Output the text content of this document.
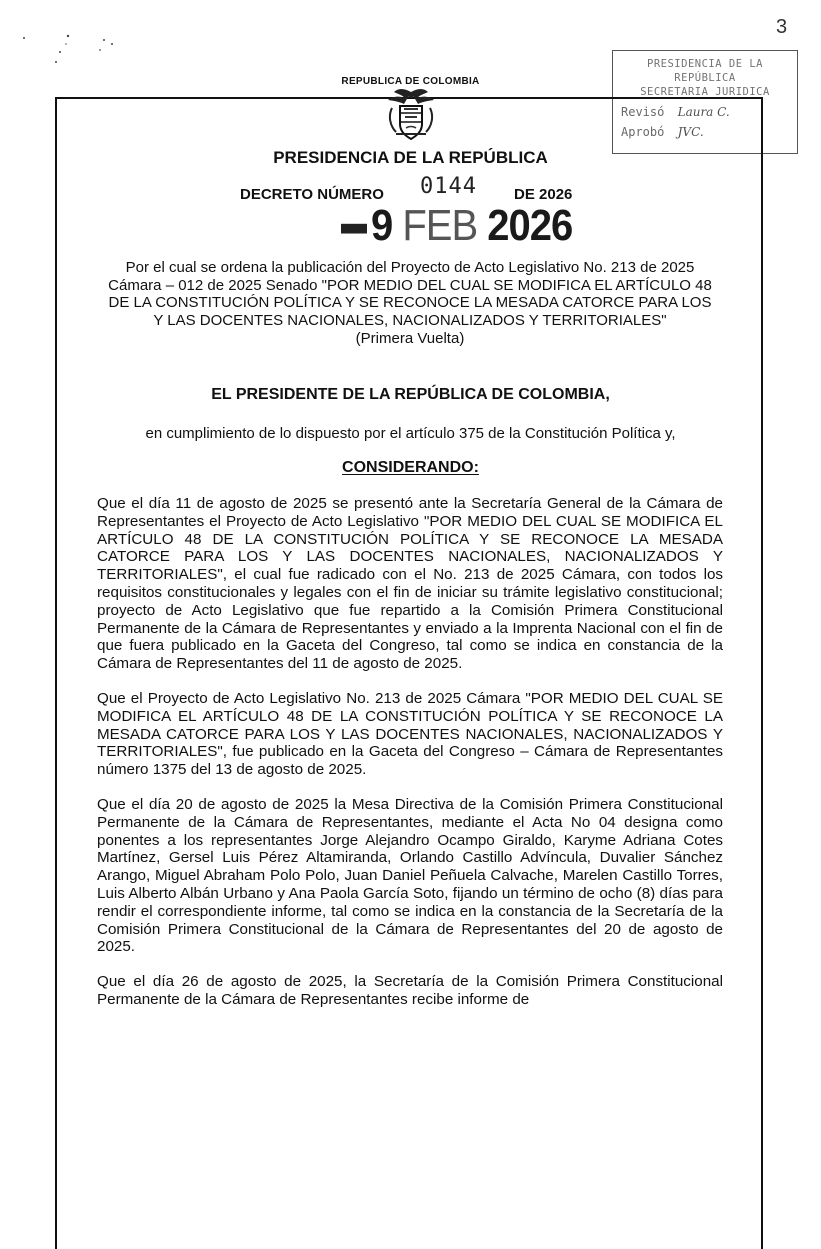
3
PRESIDENCIA DE LA REPÚBLICA
SECRETARIA JURIDICA
Revisó Laura C.
Aprobó JVC.
REPUBLICA DE COLOMBIA
PRESIDENCIA DE LA REPÚBLICA
DECRETO NÚMERO 0144 DE 2026
9 FEB 2026
Por el cual se ordena la publicación del Proyecto de Acto Legislativo No. 213 de 2025 Cámara – 012 de 2025 Senado "POR MEDIO DEL CUAL SE MODIFICA EL ARTÍCULO 48 DE LA CONSTITUCIÓN POLÍTICA Y SE RECONOCE LA MESADA CATORCE PARA LOS Y LAS DOCENTES NACIONALES, NACIONALIZADOS Y TERRITORIALES"
(Primera Vuelta)
EL PRESIDENTE DE LA REPÚBLICA DE COLOMBIA,
en cumplimiento de lo dispuesto por el artículo 375 de la Constitución Política y,
CONSIDERANDO:

Que el día 11 de agosto de 2025 se presentó ante la Secretaría General de la Cámara de Representantes el Proyecto de Acto Legislativo "POR MEDIO DEL CUAL SE MODIFICA EL ARTÍCULO 48 DE LA CONSTITUCIÓN POLÍTICA Y SE RECONOCE LA MESADA CATORCE PARA LOS Y LAS DOCENTES NACIONALES, NACIONALIZADOS Y TERRITORIALES", el cual fue radicado con el No. 213 de 2025 Cámara, con todos los requisitos constitucionales y legales con el fin de iniciar su trámite legislativo constitucional; proyecto de Acto Legislativo que fue repartido a la Comisión Primera Constitucional Permanente de la Cámara de Representantes y enviado a la Imprenta Nacional con el fin de que fuera publicado en la Gaceta del Congreso, tal como se indica en constancia de la Cámara de Representantes del 11 de agosto de 2025.

Que el Proyecto de Acto Legislativo No. 213 de 2025 Cámara "POR MEDIO DEL CUAL SE MODIFICA EL ARTÍCULO 48 DE LA CONSTITUCIÓN POLÍTICA Y SE RECONOCE LA MESADA CATORCE PARA LOS Y LAS DOCENTES NACIONALES, NACIONALIZADOS Y TERRITORIALES", fue publicado en la Gaceta del Congreso – Cámara de Representantes número 1375 del 13 de agosto de 2025.

Que el día 20 de agosto de 2025 la Mesa Directiva de la Comisión Primera Constitucional Permanente de la Cámara de Representantes, mediante el Acta No 04 designa como ponentes a los representantes Jorge Alejandro Ocampo Giraldo, Karyme Adriana Cotes Martínez, Gersel Luis Pérez Altamiranda, Orlando Castillo Advíncula, Duvalier Sánchez Arango, Miguel Abraham Polo Polo, Juan Daniel Peñuela Calvache, Marelen Castillo Torres, Luis Alberto Albán Urbano y Ana Paola García Soto, fijando un término de ocho (8) días para rendir el correspondiente informe, tal como se indica en la constancia de la Secretaría de la Comisión Primera Constitucional de la Cámara de Representantes del 20 de agosto de 2025.

Que el día 26 de agosto de 2025, la Secretaría de la Comisión Primera Constitucional Permanente de la Cámara de Representantes recibe informe de
